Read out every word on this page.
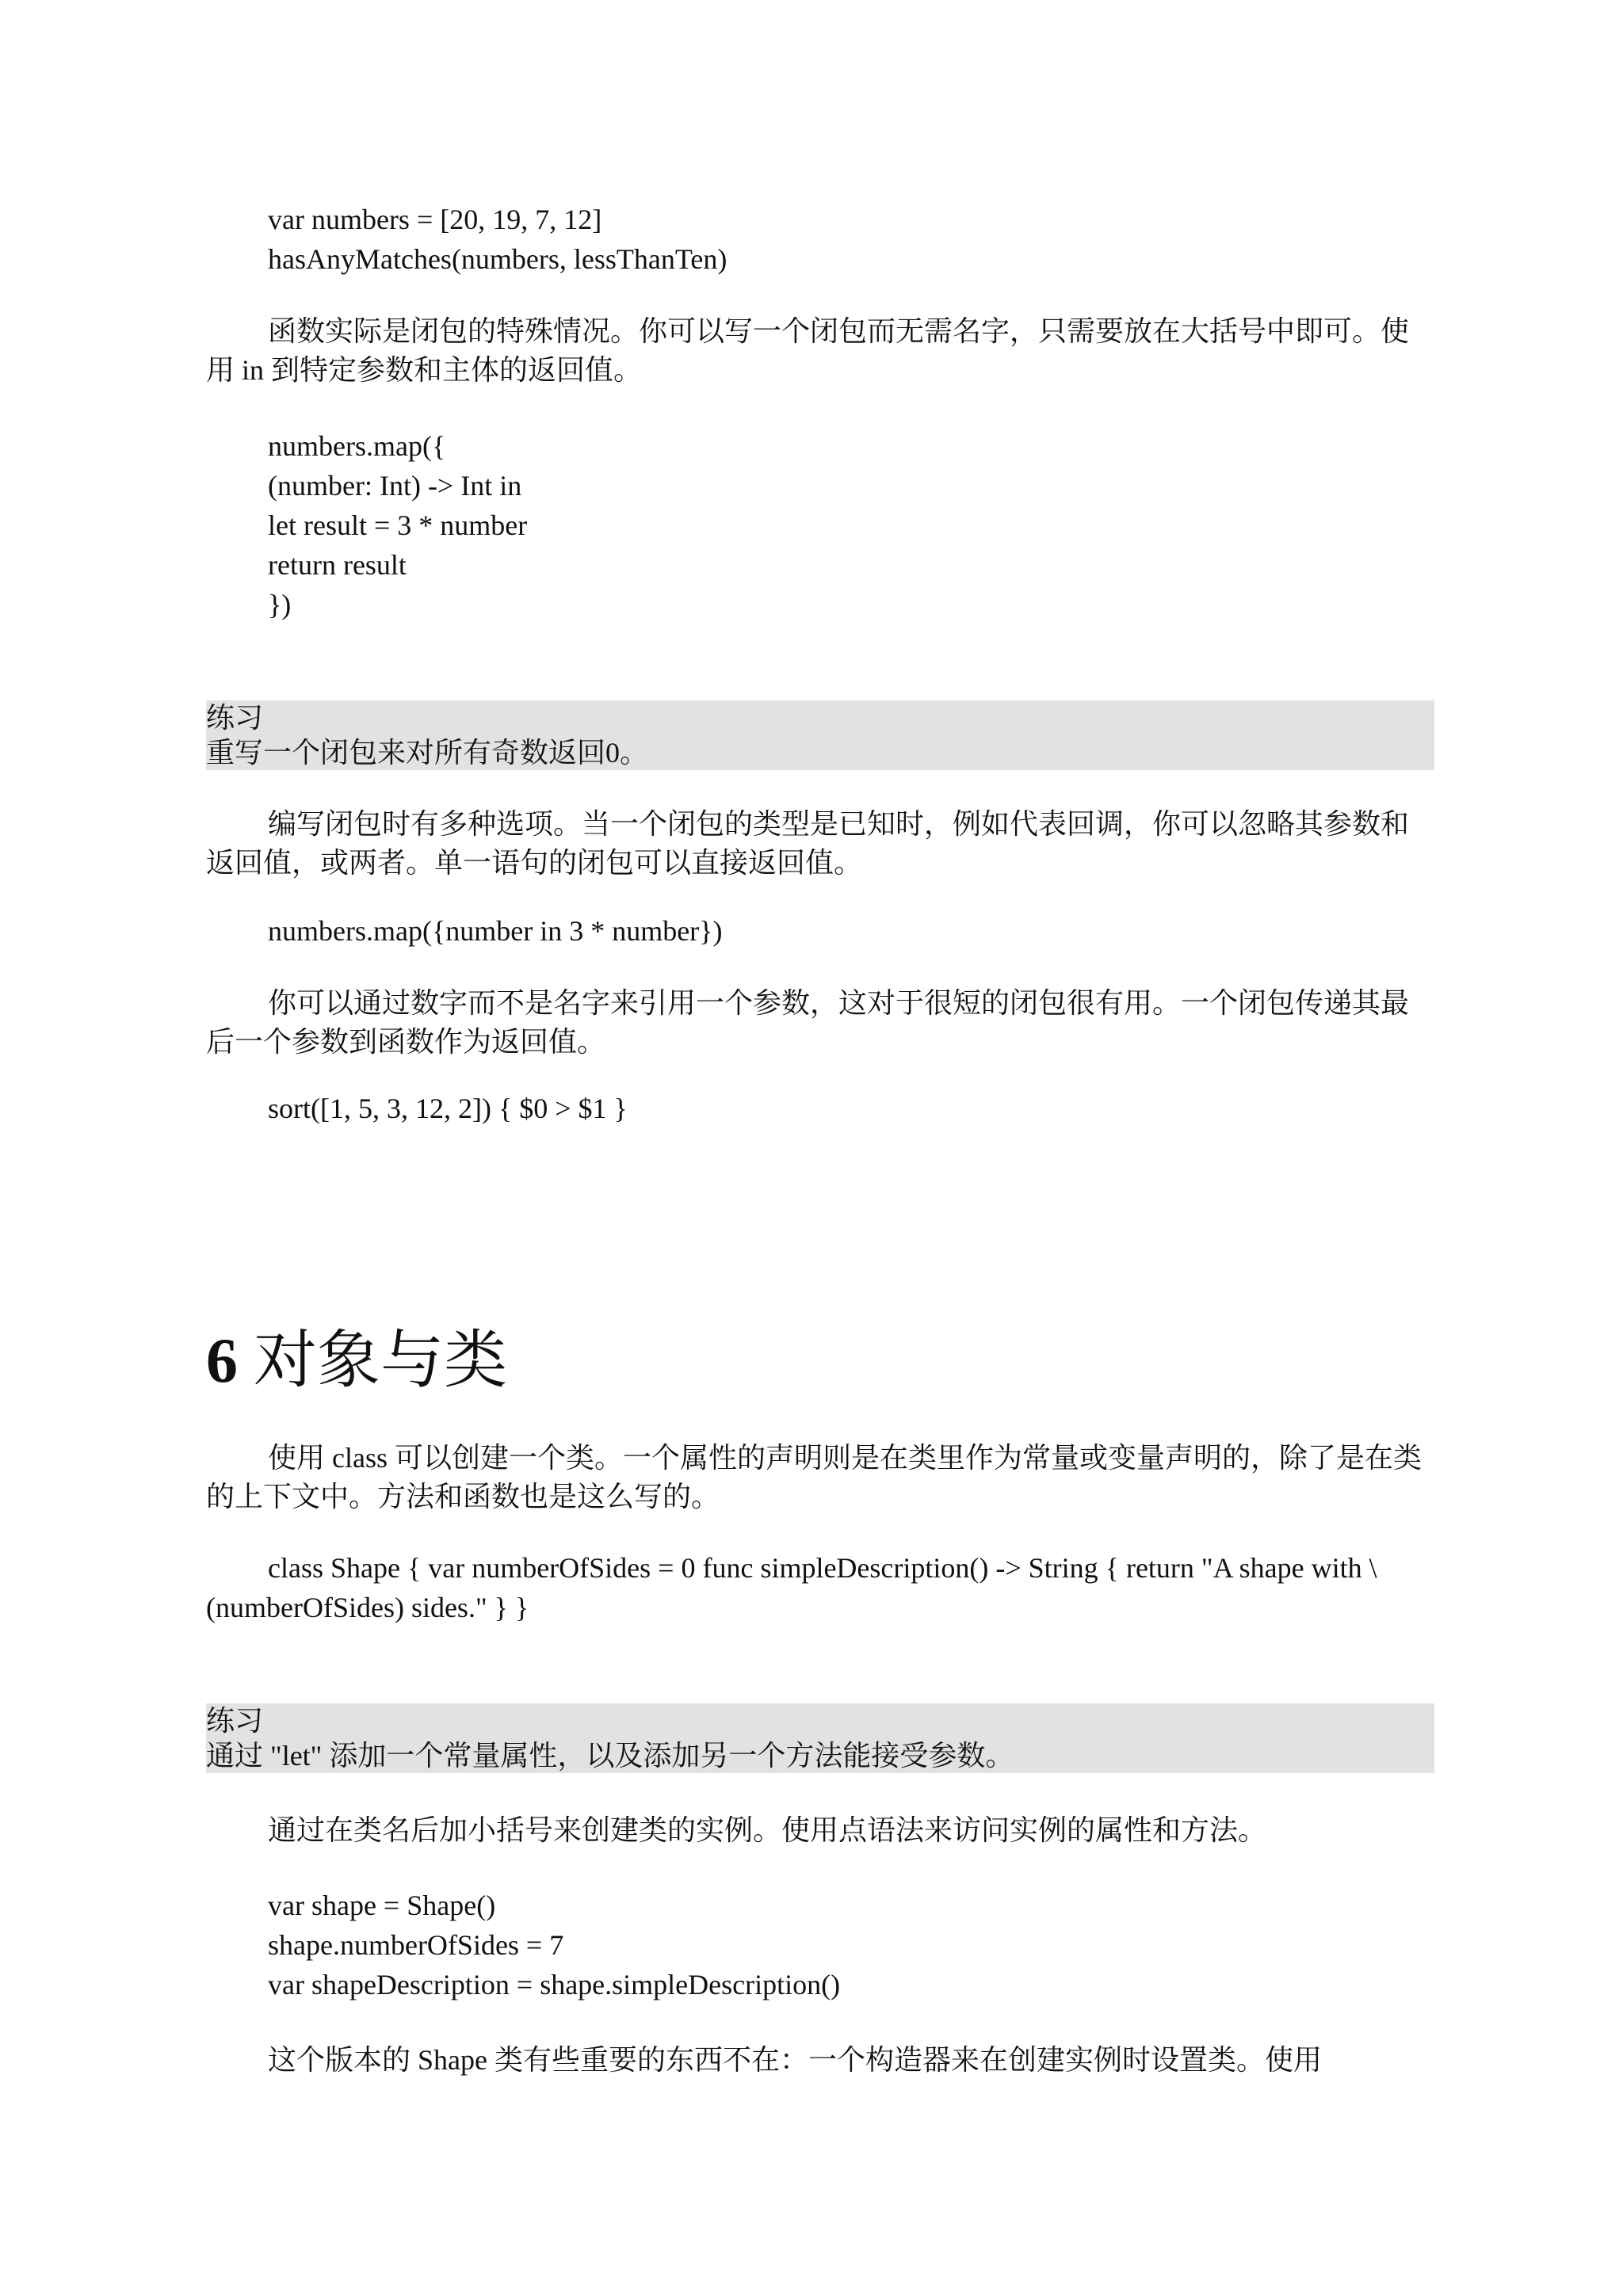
var numbers = [20, 19, 7, 12]
hasAnyMatches(numbers, lessThanTen)
函数实际是闭包的特殊情况。你可以写一个闭包而无需名字，只需要放在大括号中即可。使用 in 到特定参数和主体的返回值。
numbers.map({
(number: Int) -> Int in
let result = 3 * number
return result
})
练习
重写一个闭包来对所有奇数返回0。
编写闭包时有多种选项。当一个闭包的类型是已知时，例如代表回调，你可以忽略其参数和返回值，或两者。单一语句的闭包可以直接返回值。
numbers.map({number in 3 * number})
你可以通过数字而不是名字来引用一个参数，这对于很短的闭包很有用。一个闭包传递其最后一个参数到函数作为返回值。
sort([1, 5, 3, 12, 2]) { $0 > $1 }
6 对象与类
使用 class 可以创建一个类。一个属性的声明则是在类里作为常量或变量声明的，除了是在类的上下文中。方法和函数也是这么写的。
class Shape { var numberOfSides = 0 func simpleDescription() -> String { return "A shape with \(numberOfSides) sides." } }
练习
通过 "let" 添加一个常量属性，以及添加另一个方法能接受参数。
通过在类名后加小括号来创建类的实例。使用点语法来访问实例的属性和方法。
var shape = Shape()
shape.numberOfSides = 7
var shapeDescription = shape.simpleDescription()
这个版本的 Shape 类有些重要的东西不在：一个构造器来在创建实例时设置类。使用
